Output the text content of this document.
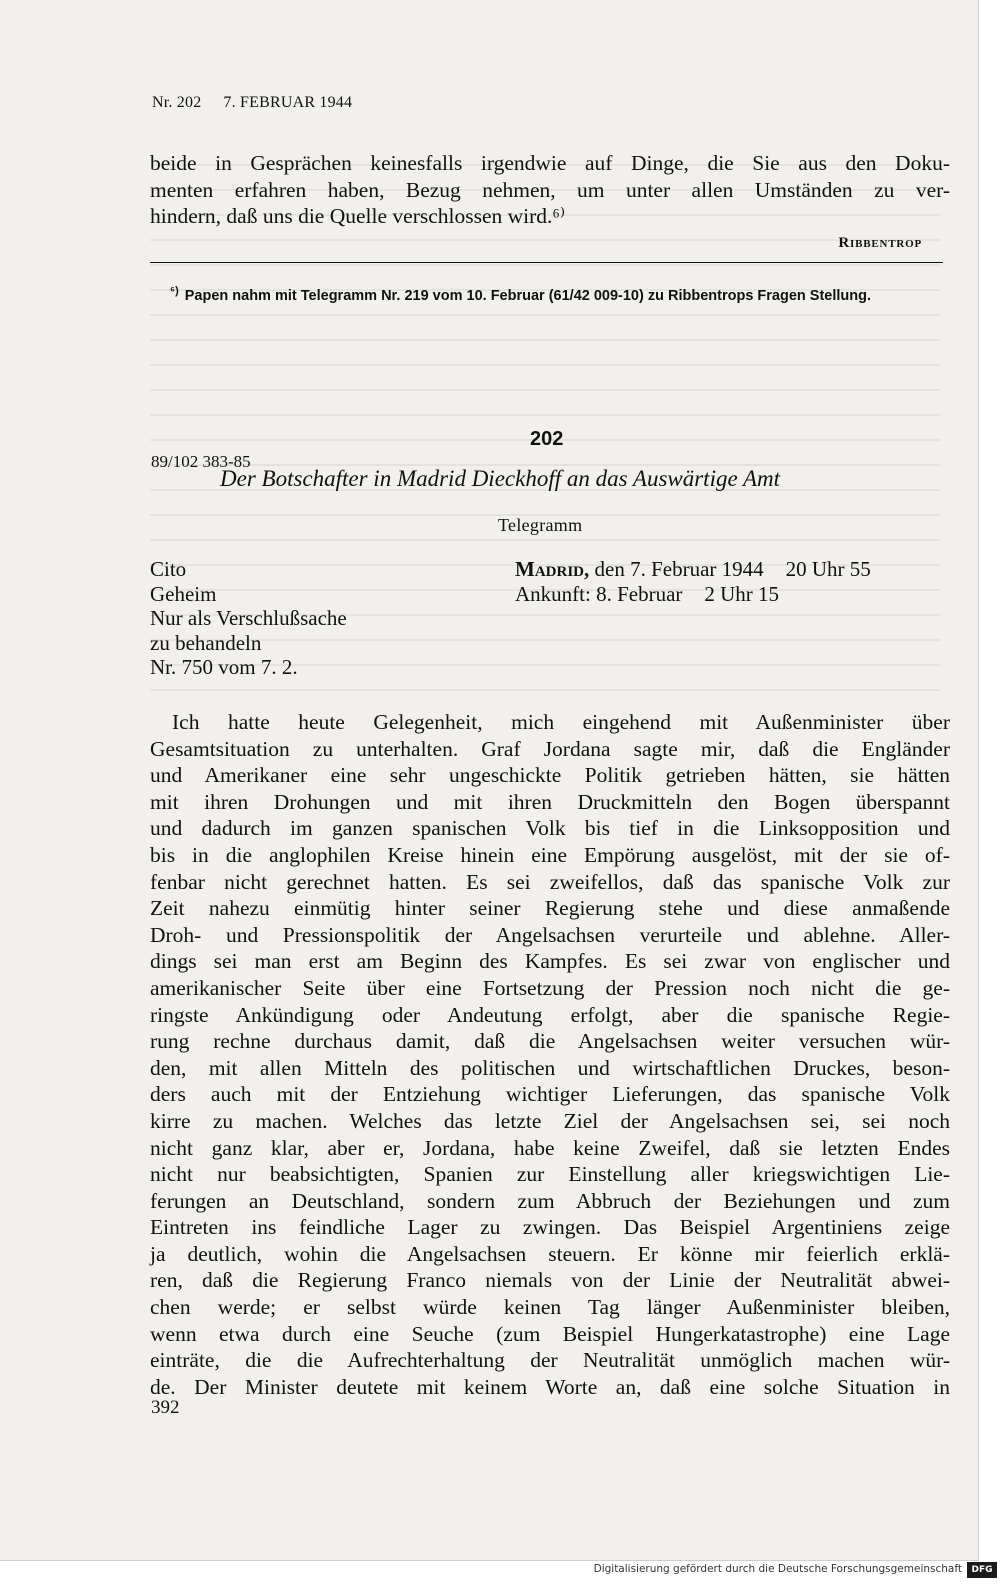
Nr. 202 7. FEBRUAR 1944
beide in Gesprächen keinesfalls irgendwie auf Dinge, die Sie aus den Doku-
menten erfahren haben, Bezug nehmen, um unter allen Umständen zu ver-
hindern, daß uns die Quelle verschlossen wird.⁶⁾
Ribbentrop
$^{^6)}$ Papen nahm mit Telegramm Nr. 219 vom 10. Februar (61/42 009-10) zu Ribbentrops Fragen Stellung.
202
89/102 383-85
Der Botschafter in Madrid Dieckhoff an das Auswärtige Amt
Telegramm
Cito
Geheim
Nur als Verschlußsache
zu behandeln
Nr. 750 vom 7. 2.
Madrid, den 7. Februar 1944 20 Uhr 55
Ankunft: 8. Februar 2 Uhr 15
Ich hatte heute Gelegenheit, mich eingehend mit Außenminister über
Gesamtsituation zu unterhalten. Graf Jordana sagte mir, daß die Engländer
und Amerikaner eine sehr ungeschickte Politik getrieben hätten, sie hätten
mit ihren Drohungen und mit ihren Druckmitteln den Bogen überspannt
und dadurch im ganzen spanischen Volk bis tief in die Linksopposition und
bis in die anglophilen Kreise hinein eine Empörung ausgelöst, mit der sie of-
fenbar nicht gerechnet hatten. Es sei zweifellos, daß das spanische Volk zur
Zeit nahezu einmütig hinter seiner Regierung stehe und diese anmaßende
Droh- und Pressionspolitik der Angelsachsen verurteile und ablehne. Aller-
dings sei man erst am Beginn des Kampfes. Es sei zwar von englischer und
amerikanischer Seite über eine Fortsetzung der Pression noch nicht die ge-
ringste Ankündigung oder Andeutung erfolgt, aber die spanische Regie-
rung rechne durchaus damit, daß die Angelsachsen weiter versuchen wür-
den, mit allen Mitteln des politischen und wirtschaftlichen Druckes, beson-
ders auch mit der Entziehung wichtiger Lieferungen, das spanische Volk
kirre zu machen. Welches das letzte Ziel der Angelsachsen sei, sei noch
nicht ganz klar, aber er, Jordana, habe keine Zweifel, daß sie letzten Endes
nicht nur beabsichtigten, Spanien zur Einstellung aller kriegswichtigen Lie-
ferungen an Deutschland, sondern zum Abbruch der Beziehungen und zum
Eintreten ins feindliche Lager zu zwingen. Das Beispiel Argentiniens zeige
ja deutlich, wohin die Angelsachsen steuern. Er könne mir feierlich erklä-
ren, daß die Regierung Franco niemals von der Linie der Neutralität abwei-
chen werde; er selbst würde keinen Tag länger Außenminister bleiben,
wenn etwa durch eine Seuche (zum Beispiel Hungerkatastrophe) eine Lage
einträte, die die Aufrechterhaltung der Neutralität unmöglich machen wür-
de. Der Minister deutete mit keinem Worte an, daß eine solche Situation in
392
Digitalisierung gefördert durch die Deutsche Forschungsgemeinschaft	DFG
